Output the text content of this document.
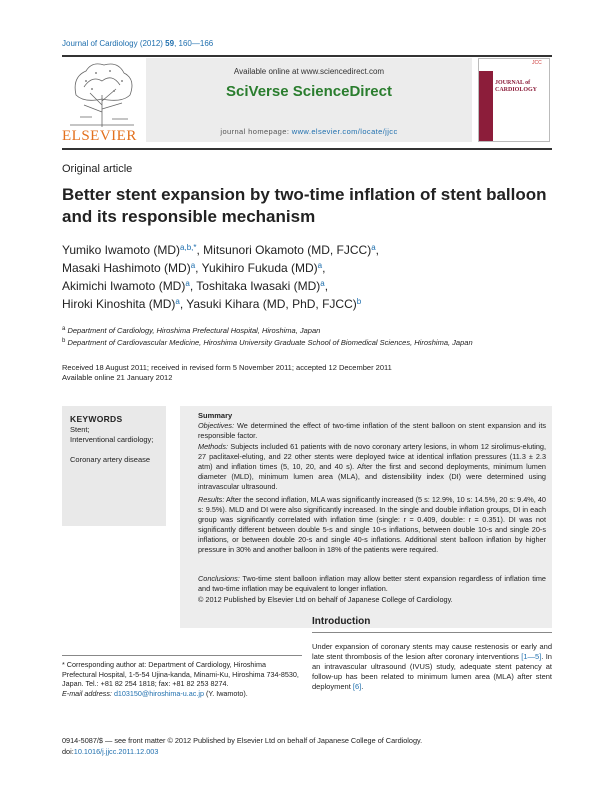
Journal of Cardiology (2012) 59, 160—166
ELSEVIER
Available online at www.sciencedirect.com
SciVerse ScienceDirect
journal homepage: www.elsevier.com/locate/jjcc
JCC
JOURNAL of CARDIOLOGY
Original article
Better stent expansion by two-time inflation of stent balloon and its responsible mechanism
Yumiko Iwamoto (MD)$^{a,b,*}$, Mitsunori Okamoto (MD, FJCC)$^a$,
Masaki Hashimoto (MD)$^a$, Yukihiro Fukuda (MD)$^a$,
Akimichi Iwamoto (MD)$^a$, Toshitaka Iwasaki (MD)$^a$,
Hiroki Kinoshita (MD)$^a$, Yasuki Kihara (MD, PhD, FJCC)$^b$
$^a$ Department of Cardiology, Hiroshima Prefectural Hospital, Hiroshima, Japan
$^b$ Department of Cardiovascular Medicine, Hiroshima University Graduate School of Biomedical Sciences, Hiroshima, Japan
Received 18 August 2011; received in revised form 5 November 2011; accepted 12 December 2011
Available online 21 January 2012
KEYWORDS
Stent;
Interventional cardiology;
Coronary artery disease
Summary
Objectives: We determined the effect of two-time inflation of the stent balloon on stent expansion and its responsible factor.
Methods: Subjects included 61 patients with de novo coronary artery lesions, in whom 12 sirolimus-eluting, 27 paclitaxel-eluting, and 22 other stents were deployed twice at identical inflation pressures (11.3 ± 2.3 atm) and inflation times (5, 10, 20, and 40 s). After the first and second deployments, minimum lumen diameter (MLD), minimum lumen area (MLA), and distensibility index (DI) were determined using intravascular ultrasound.
Results: After the second inflation, MLA was significantly increased (5 s: 12.9%, 10 s: 14.5%, 20 s: 9.4%, 40 s: 9.5%). MLD and DI were also significantly increased. In the single and double inflation groups, DI in each group was significantly correlated with inflation time (single: r = 0.409, double: r = 0.351). DI was not significantly different between double 5-s and single 10-s inflations, between double 10-s and single 20-s inflations, or between double 20-s and single 40-s inflations. Additional stent balloon inflation by higher pressure in 30% and another balloon in 18% of the patients were required.
Conclusions: Two-time stent balloon inflation may allow better stent expansion regardless of inflation time and two-time inflation may be equivalent to longer inflation.
© 2012 Published by Elsevier Ltd on behalf of Japanese College of Cardiology.
Introduction
Under expansion of coronary stents may cause restenosis or early and late stent thrombosis of the lesion after coronary interventions [1—5]. In an intravascular ultrasound (IVUS) study, adequate stent patency at follow-up has been related to minimum lumen area (MLA) after stent deployment [6].
* Corresponding author at: Department of Cardiology, Hiroshima Prefectural Hospital, 1-5-54 Ujina-kanda, Minami-Ku, Hiroshima 734-8530, Japan. Tel.: +81 82 254 1818; fax: +81 82 253 8274.
E-mail address: d103150@hiroshima-u.ac.jp (Y. Iwamoto).
0914-5087/$ — see front matter © 2012 Published by Elsevier Ltd on behalf of Japanese College of Cardiology.
doi:10.1016/j.jjcc.2011.12.003
